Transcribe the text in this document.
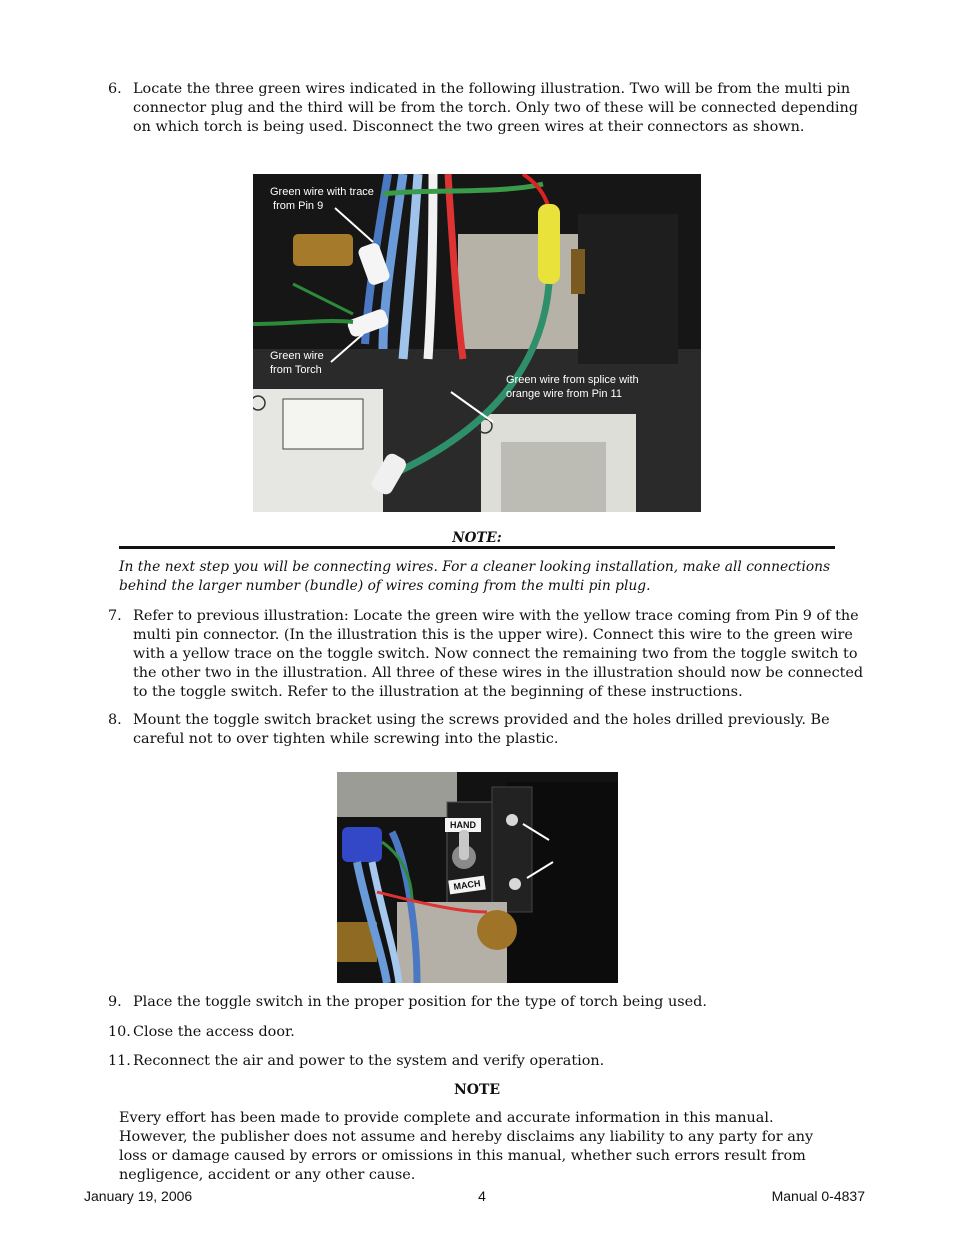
6. Locate the three green wires indicated in the following illustration. Two will be from the multi pin connector plug and the third will be from the torch. Only two of these will be connected depending on which torch is being used. Disconnect the two green wires at their connectors as shown.
Green wire with trace
from Pin 9
Green wire
from Torch
Green wire from splice with
orange wire from Pin 11
NOTE:

In the next step you will be connecting wires. For a cleaner looking installation, make all connections behind the larger number (bundle) of wires coming from the multi pin plug.

7. Refer to previous illustration: Locate the green wire with the yellow trace coming from Pin 9 of the multi pin connector. (In the illustration this is the upper wire). Connect this wire to the green wire with a yellow trace on the toggle switch. Now connect the remaining two from the toggle switch to the other two in the illustration. All three of these wires in the illustration should now be connected to the toggle switch. Refer to the illustration at the beginning of these instructions.
8. Mount the toggle switch bracket using the screws provided and the holes drilled previously. Be careful not to over tighten while screwing into the plastic.
HAND
MACH
9. Place the toggle switch in the proper position for the type of torch being used.
10. Close the access door.
11. Reconnect the air and power to the system and verify operation.
NOTE

Every effort has been made to provide complete and accurate information in this manual. However, the publisher does not assume and hereby disclaims any liability to any party for any loss or damage caused by errors or omissions in this manual, whether such errors result from negligence, accident or any other cause.

January 19, 2006	4	Manual 0-4837
